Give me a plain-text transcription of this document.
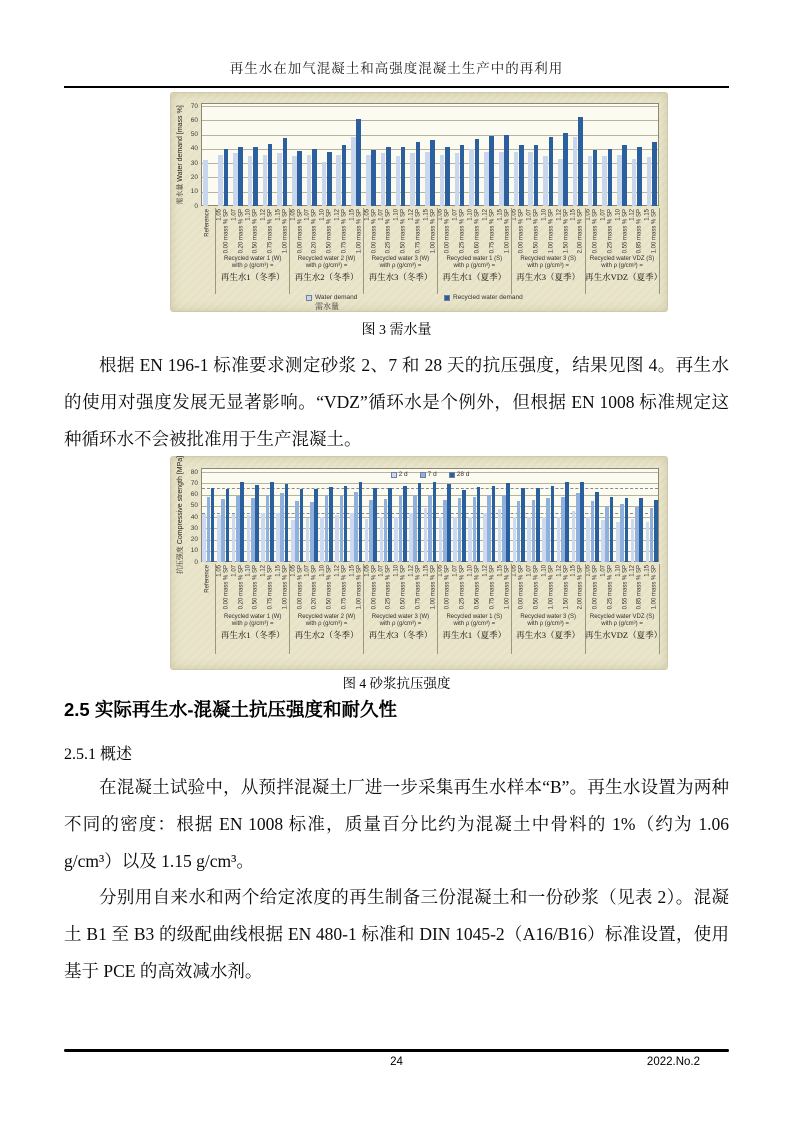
再生水在加气混凝土和高强度混凝土生产中的再利用
0
10
20
30
40
50
60
70
需水量 Water demand [mass %]
Reference 1.05 0.00 mass % SP 1.07 0.20 mass % SP 1.10 0.50 mass % SP 1.12 0.75 mass % SP 1.15 1.00 mass % SP 1.05 0.00 mass % SP 1.07 0.20 mass % SP 1.10 0.50 mass % SP 1.12 0.75 mass % SP 1.15 1.00 mass % SP 1.05 0.00 mass % SP 1.07 0.25 mass % SP 1.10 0.50 mass % SP 1.12 0.75 mass % SP 1.15 1.00 mass % SP 1.05 0.00 mass % SP 1.07 0.25 mass % SP 1.10 0.60 mass % SP 1.12 0.75 mass % SP 1.15 1.00 mass % SP 1.05 0.00 mass % SP 1.07 0.50 mass % SP 1.10 1.00 mass % SP 1.12 1.50 mass % SP 1.15 2.00 mass % SP 1.05 0.00 mass % SP 1.07 0.25 mass % SP 1.10 0.55 mass % SP 1.12 0.85 mass % SP 1.15 1.00 mass % SP
Recycled water 1 (W)
with ρ (g/cm³) =
再生水1（冬季）
Recycled water 2 (W)
with ρ (g/cm³) =
再生水2（冬季）
Recycled water 3 (W)
with ρ (g/cm³) =
再生水3（冬季）
Recycled water 1 (S)
with ρ (g/cm³) =
再生水1（夏季）
Recycled water 3 (S)
with ρ (g/cm³) =
再生水3（夏季）
Recycled water VDZ (S)
with ρ (g/cm³) =
再生水VDZ（夏季）
Water demand
需水量
Recycled water demand
图 3 需水量
根据 EN 196-1 标准要求测定砂浆 2、7 和 28 天的抗压强度，结果见图 4。再生水的使用对强度发展无显著影响。“VDZ”循环水是个例外，但根据 EN 1008 标准规定这种循环水不会被批准用于生产混凝土。
0
10
20
30
40
50
60
70
80
抗压强度 Compressive strength [MPa]
Reference 1.05 0.00 mass % SP 1.07 0.20 mass % SP 1.10 0.50 mass % SP 1.12 0.75 mass % SP 1.15 1.00 mass % SP 1.05 0.00 mass % SP 1.07 0.20 mass % SP 1.10 0.50 mass % SP 1.12 0.75 mass % SP 1.15 1.00 mass % SP 1.05 0.00 mass % SP 1.07 0.25 mass % SP 1.10 0.50 mass % SP 1.12 0.75 mass % SP 1.15 1.00 mass % SP 1.05 0.00 mass % SP 1.07 0.25 mass % SP 1.10 0.56 mass % SP 1.12 0.75 mass % SP 1.15 1.00 mass % SP 1.05 0.00 mass % SP 1.07 0.50 mass % SP 1.10 1.00 mass % SP 1.12 1.50 mass % SP 1.15 2.00 mass % SP 1.05 0.00 mass % SP 1.07 0.25 mass % SP 1.10 0.55 mass % SP 1.12 0.85 mass % SP 1.15 1.00 mass % SP
Recycled water 1 (W)
with ρ (g/cm³) =
再生水1（冬季）
Recycled water 2 (W)
with ρ (g/cm³) =
再生水2（冬季）
Recycled water 3 (W)
with ρ (g/cm³) =
再生水3（冬季）
Recycled water 1 (S)
with ρ (g/cm³) =
再生水1（夏季）
Recycled water 3 (S)
with ρ (g/cm³) =
再生水3（夏季）
Recycled water VDZ (S)
with ρ (g/cm³) =
再生水VDZ（夏季）
2 d	7 d	28 d
图 4 砂浆抗压强度
2.5 实际再生水-混凝土抗压强度和耐久性
2.5.1 概述
在混凝土试验中，从预拌混凝土厂进一步采集再生水样本“B”。再生水设置为两种不同的密度：根据 EN 1008 标准，质量百分比约为混凝土中骨料的 1%（约为 1.06 g/cm³）以及 1.15 g/cm³。
分别用自来水和两个给定浓度的再生制备三份混凝土和一份砂浆（见表 2）。混凝土 B1 至 B3 的级配曲线根据 EN 480-1 标准和 DIN 1045-2（A16/B16）标准设置，使用基于 PCE 的高效减水剂。
24	2022.No.2
